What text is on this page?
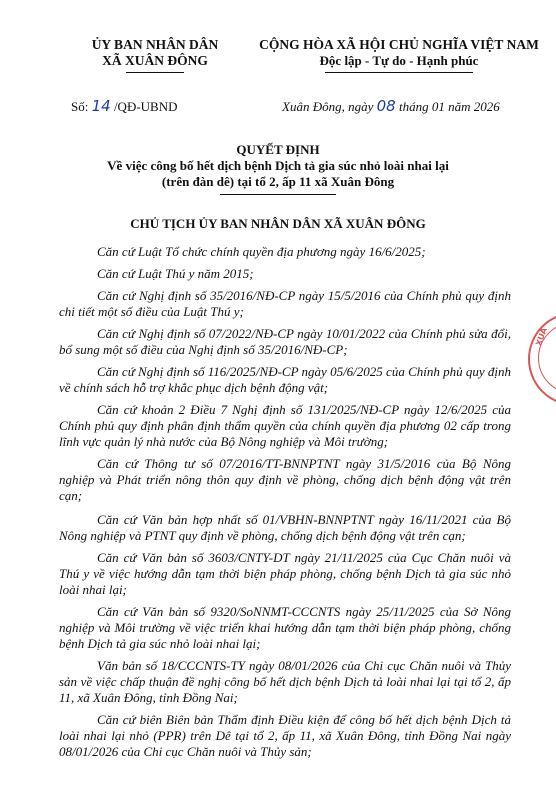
ỦY BAN NHÂN DÂN
XÃ XUÂN ĐÔNG
CỘNG HÒA XÃ HỘI CHỦ NGHĨA VIỆT NAM
Độc lập - Tự do - Hạnh phúc
Số: 14 /QĐ-UBND	Xuân Đông, ngày 08 tháng 01 năm 2026
QUYẾT ĐỊNH
Về việc công bố hết dịch bệnh Dịch tả gia súc nhỏ loài nhai lại
(trên đàn dê) tại tổ 2, ấp 11 xã Xuân Đông
CHỦ TỊCH ỦY BAN NHÂN DÂN XÃ XUÂN ĐÔNG

Căn cứ Luật Tổ chức chính quyền địa phương ngày 16/6/2025;

Căn cứ Luật Thú y năm 2015;

Căn cứ Nghị định số 35/2016/NĐ-CP ngày 15/5/2016 của Chính phủ quy định chi tiết một số điều của Luật Thú y;

Căn cứ Nghị định số 07/2022/NĐ-CP ngày 10/01/2022 của Chính phủ sửa đổi, bổ sung một số điều của Nghị định số 35/2016/NĐ-CP;

Căn cứ Nghị định số 116/2025/NĐ-CP ngày 05/6/2025 của Chính phủ quy định về chính sách hỗ trợ khắc phục dịch bệnh động vật;

Căn cứ khoản 2 Điều 7 Nghị định số 131/2025/NĐ-CP ngày 12/6/2025 của Chính phủ quy định phân định thẩm quyền của chính quyền địa phương 02 cấp trong lĩnh vực quản lý nhà nước của Bộ Nông nghiệp và Môi trường;

Căn cứ Thông tư số 07/2016/TT-BNNPTNT ngày 31/5/2016 của Bộ Nông nghiệp và Phát triển nông thôn quy định về phòng, chống dịch bệnh động vật trên cạn;

Căn cứ Văn bản hợp nhất số 01/VBHN-BNNPTNT ngày 16/11/2021 của Bộ Nông nghiệp và PTNT quy định về phòng, chống dịch bệnh động vật trên cạn;

Căn cứ Văn bản số 3603/CNTY-DT ngày 21/11/2025 của Cục Chăn nuôi và Thú y về việc hướng dẫn tạm thời biện pháp phòng, chống bệnh Dịch tả gia súc nhỏ loài nhai lại;

Căn cứ Văn bản số 9320/SoNNMT-CCCNTS ngày 25/11/2025 của Sở Nông nghiệp và Môi trường về việc triển khai hướng dẫn tạm thời biện pháp phòng, chống bệnh Dịch tả gia súc nhỏ loài nhai lại;

Văn bản số 18/CCCNTS-TY ngày 08/01/2026 của Chi cục Chăn nuôi và Thủy sản về việc chấp thuận đề nghị công bố hết dịch bệnh Dịch tả loài nhai lại tại tổ 2, ấp 11, xã Xuân Đông, tỉnh Đồng Nai;

Căn cứ biên Biên bản Thẩm định Điều kiện để công bố hết dịch bệnh Dịch tả loài nhai lại nhỏ (PPR) trên Dê tại tổ 2, ấp 11, xã Xuân Đông, tỉnh Đồng Nai ngày 08/01/2026 của Chi cục Chăn nuôi và Thủy sản;

XUÂ
